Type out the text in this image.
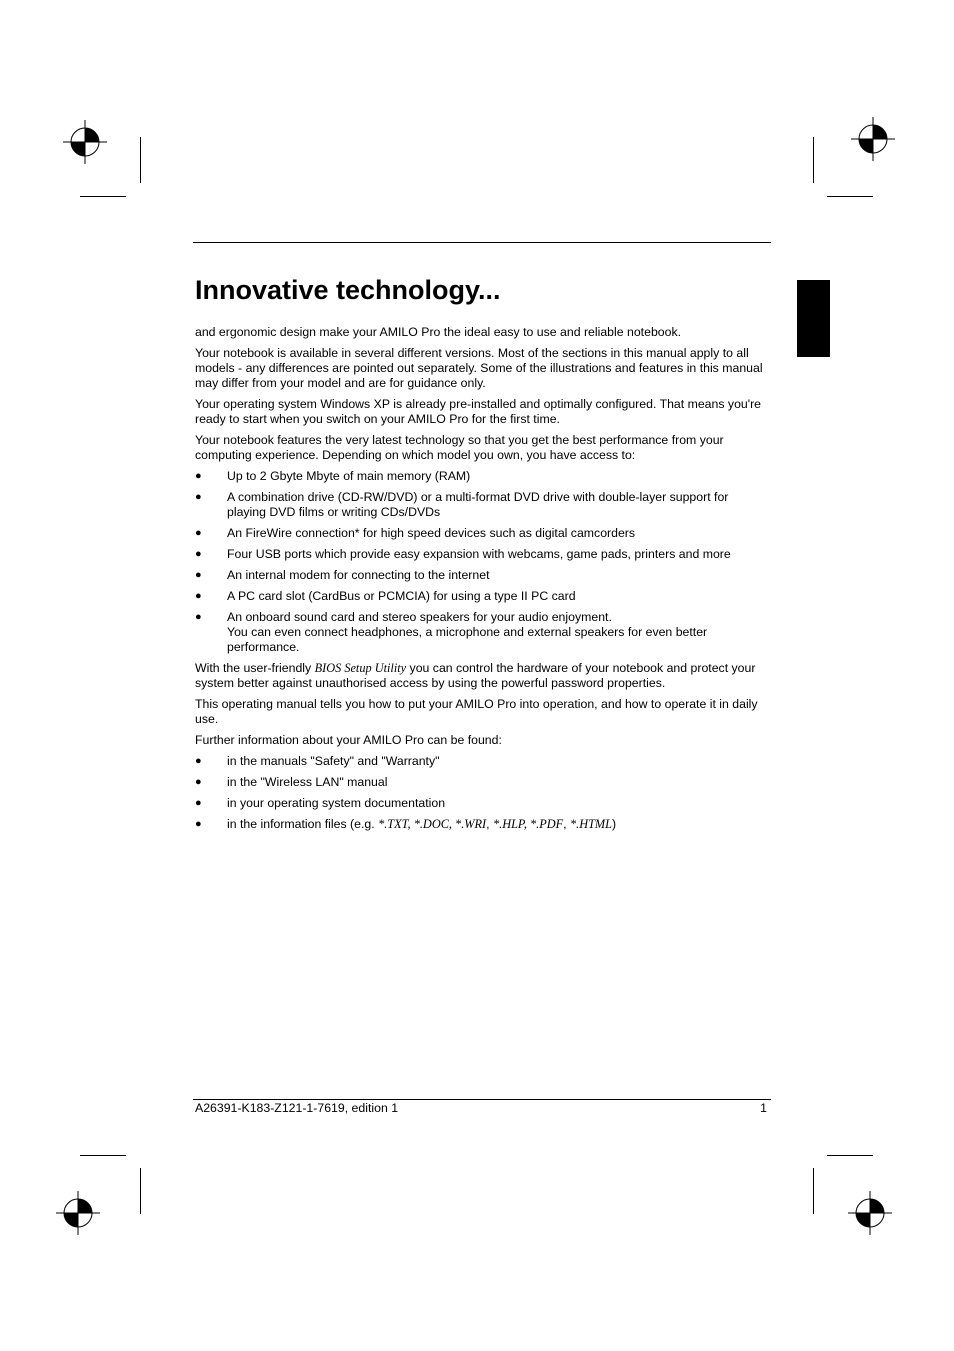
Innovative technology...

and ergonomic design make your AMILO Pro the ideal easy to use and reliable notebook.

Your notebook is available in several different versions. Most of the sections in this manual apply to all models - any differences are pointed out separately. Some of the illustrations and features in this manual may differ from your model and are for guidance only.

Your operating system Windows XP is already pre-installed and optimally configured. That means you're ready to start when you switch on your AMILO Pro for the first time.

Your notebook features the very latest technology so that you get the best performance from your computing experience. Depending on which model you own, you have access to:

● Up to 2 Gbyte Mbyte of main memory (RAM)
● A combination drive (CD-RW/DVD) or a multi-format DVD drive with double-layer support for playing DVD films or writing CDs/DVDs
● An FireWire connection* for high speed devices such as digital camcorders
● Four USB ports which provide easy expansion with webcams, game pads, printers and more
● An internal modem for connecting to the internet
● A PC card slot (CardBus or PCMCIA) for using a type II PC card
● An onboard sound card and stereo speakers for your audio enjoyment.
You can even connect headphones, a microphone and external speakers for even better performance.

With the user-friendly BIOS Setup Utility you can control the hardware of your notebook and protect your system better against unauthorised access by using the powerful password properties.

This operating manual tells you how to put your AMILO Pro into operation, and how to operate it in daily use.

Further information about your AMILO Pro can be found:

● in the manuals "Safety" and "Warranty"
● in the "Wireless LAN" manual
● in your operating system documentation
● in the information files (e.g. *.TXT, *.DOC, *.WRI, *.HLP, *.PDF, *.HTML)
A26391-K183-Z121-1-7619, edition 1	1
